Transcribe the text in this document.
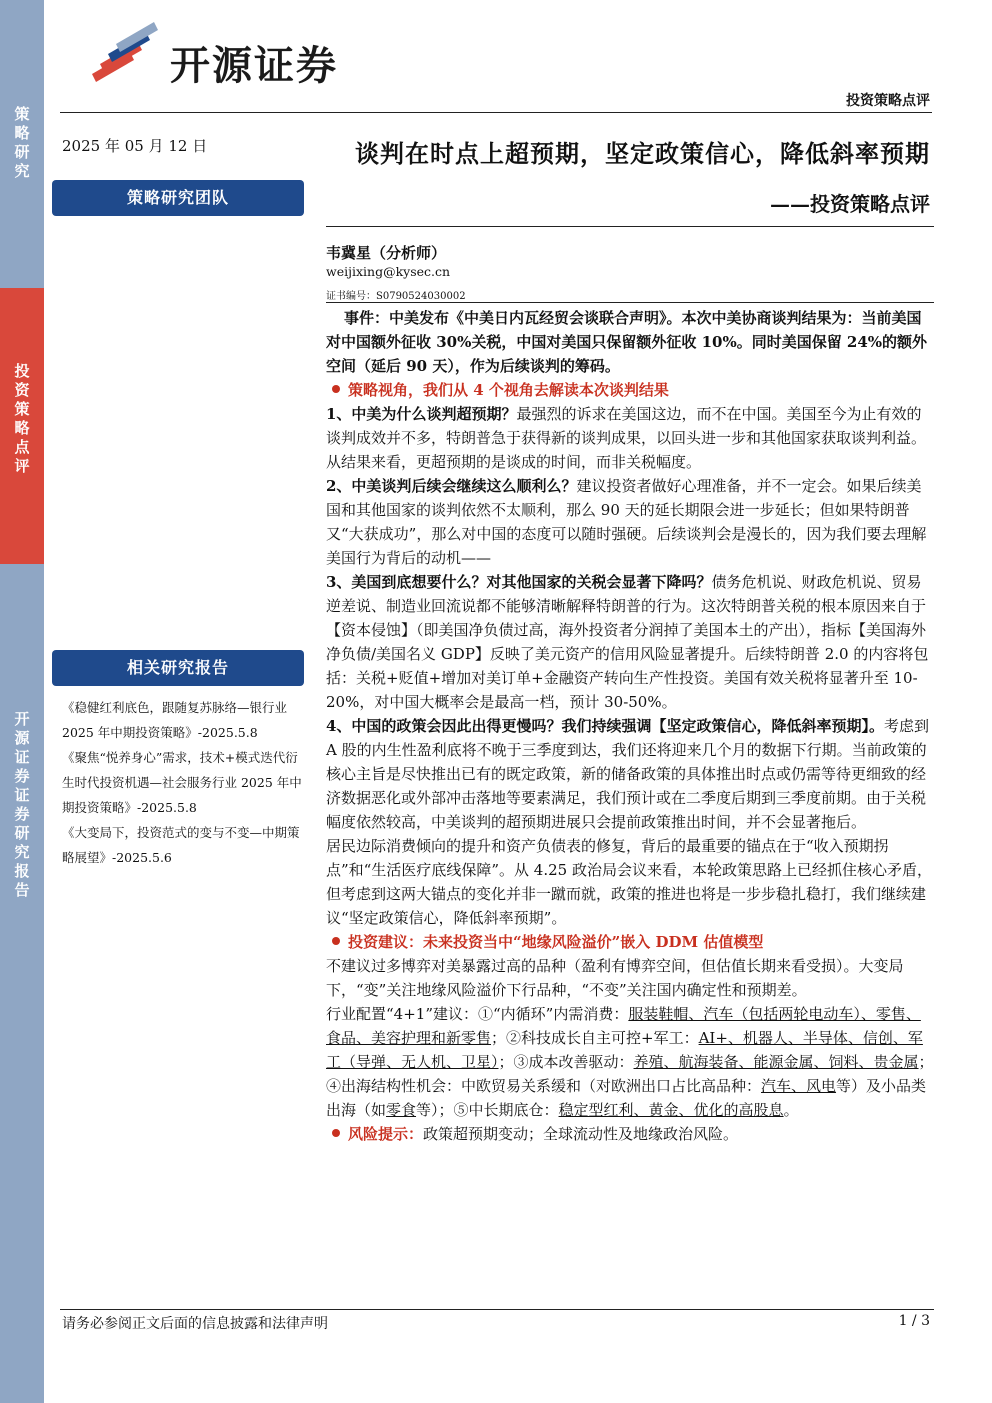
策略研究
投资策略点评
开源证券 证券研究报告
开源证券
投资策略点评
2025 年 05 月 12 日
策略研究团队
相关研究报告
《稳健红利底色，跟随复苏脉络—银行业 2025 年中期投资策略》-2025.5.8
《聚焦“悦养身心”需求，技术+模式迭代衍生时代投资机遇—社会服务行业 2025 年中期投资策略》-2025.5.8
《大变局下，投资范式的变与不变—中期策略展望》-2025.5.6
谈判在时点上超预期，坚定政策信心，降低斜率预期
——投资策略点评
韦冀星（分析师）
weijixing@kysec.cn
证书编号：S0790524030002

事件：中美发布《中美日内瓦经贸会谈联合声明》。本次中美协商谈判结果为：当前美国对中国额外征收 30%关税，中国对美国只保留额外征收 10%。同时美国保留 24%的额外空间（延后 90 天），作为后续谈判的筹码。

策略视角，我们从 4 个视角去解读本次谈判结果

1、中美为什么谈判超预期？最强烈的诉求在美国这边，而不在中国。美国至今为止有效的谈判成效并不多，特朗普急于获得新的谈判成果，以回头进一步和其他国家获取谈判利益。从结果来看，更超预期的是谈成的时间，而非关税幅度。

2、中美谈判后续会继续这么顺利么？建议投资者做好心理准备，并不一定会。如果后续美国和其他国家的谈判依然不太顺利，那么 90 天的延长期限会进一步延长；但如果特朗普又“大获成功”，那么对中国的态度可以随时强硬。后续谈判会是漫长的，因为我们要去理解美国行为背后的动机——

3、美国到底想要什么？对其他国家的关税会显著下降吗？债务危机说、财政危机说、贸易逆差说、制造业回流说都不能够清晰解释特朗普的行为。这次特朗普关税的根本原因来自于【资本侵蚀】（即美国净负债过高，海外投资者分润掉了美国本土的产出），指标【美国海外净负债/美国名义 GDP】反映了美元资产的信用风险显著提升。后续特朗普 2.0 的内容将包括：关税+贬值+增加对美订单+金融资产转向生产性投资。美国有效关税将显著升至 10-20%，对中国大概率会是最高一档，预计 30-50%。

4、中国的政策会因此出得更慢吗？我们持续强调【坚定政策信心，降低斜率预期】。考虑到 A 股的内生性盈利底将不晚于三季度到达，我们还将迎来几个月的数据下行期。当前政策的核心主旨是尽快推出已有的既定政策，新的储备政策的具体推出时点或仍需等待更细致的经济数据恶化或外部冲击落地等要素满足，我们预计或在二季度后期到三季度前期。由于关税幅度依然较高，中美谈判的超预期进展只会提前政策推出时间，并不会显著拖后。

居民边际消费倾向的提升和资产负债表的修复，背后的最重要的锚点在于“收入预期拐点”和“生活医疗底线保障”。从 4.25 政治局会议来看，本轮政策思路上已经抓住核心矛盾，但考虑到这两大锚点的变化并非一蹴而就，政策的推进也将是一步步稳扎稳打，我们继续建议“坚定政策信心，降低斜率预期”。

投资建议：未来投资当中“地缘风险溢价”嵌入 DDM 估值模型

不建议过多博弈对美暴露过高的品种（盈利有博弈空间，但估值长期来看受损）。大变局下，“变”关注地缘风险溢价下行品种，“不变”关注国内确定性和预期差。

行业配置“4+1”建议：①“内循环”内需消费：服装鞋帽、汽车（包括两轮电动车）、零售、食品、美容护理和新零售；②科技成长自主可控+军工：AI+、机器人、半导体、信创、军工（导弹、无人机、卫星）；③成本改善驱动：养殖、航海装备、能源金属、饲料、贵金属；④出海结构性机会：中欧贸易关系缓和（对欧洲出口占比高品种：汽车、风电等）及小品类出海（如零食等）；⑤中长期底仓：稳定型红利、黄金、优化的高股息。

风险提示：政策超预期变动；全球流动性及地缘政治风险。

请务必参阅正文后面的信息披露和法律声明	1 / 3
